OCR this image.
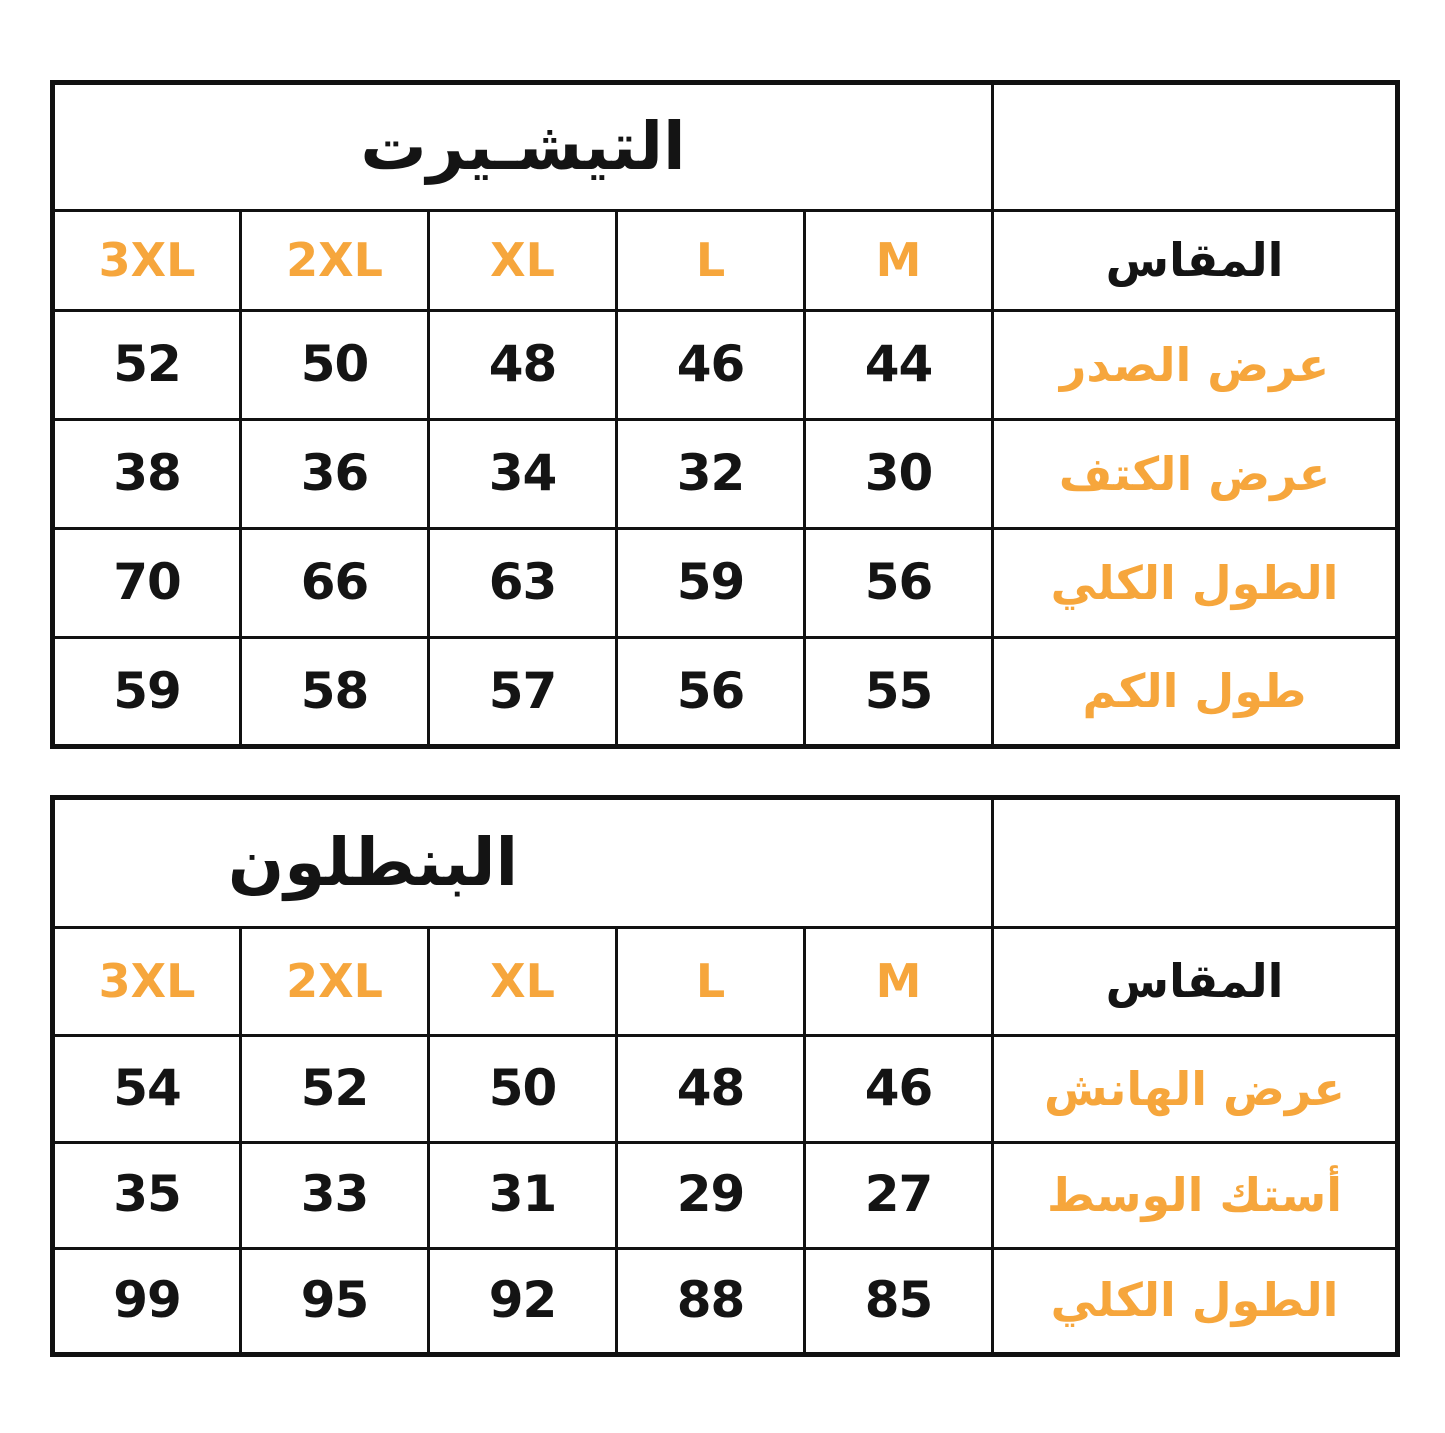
	التيشـيرت				
المقاس	M	L	XL	2XL	3XL
عرض الصدر	44	46	48	50	52
عرض الكتف	30	32	34	36	38
الطول الكلي	56	59	63	66	70
طول الكم	55	56	57	58	59
	البنطلون				
المقاس	M	L	XL	2XL	3XL
عرض الهانش	46	48	50	52	54
أستك الوسط	27	29	31	33	35
الطول الكلي	85	88	92	95	99
